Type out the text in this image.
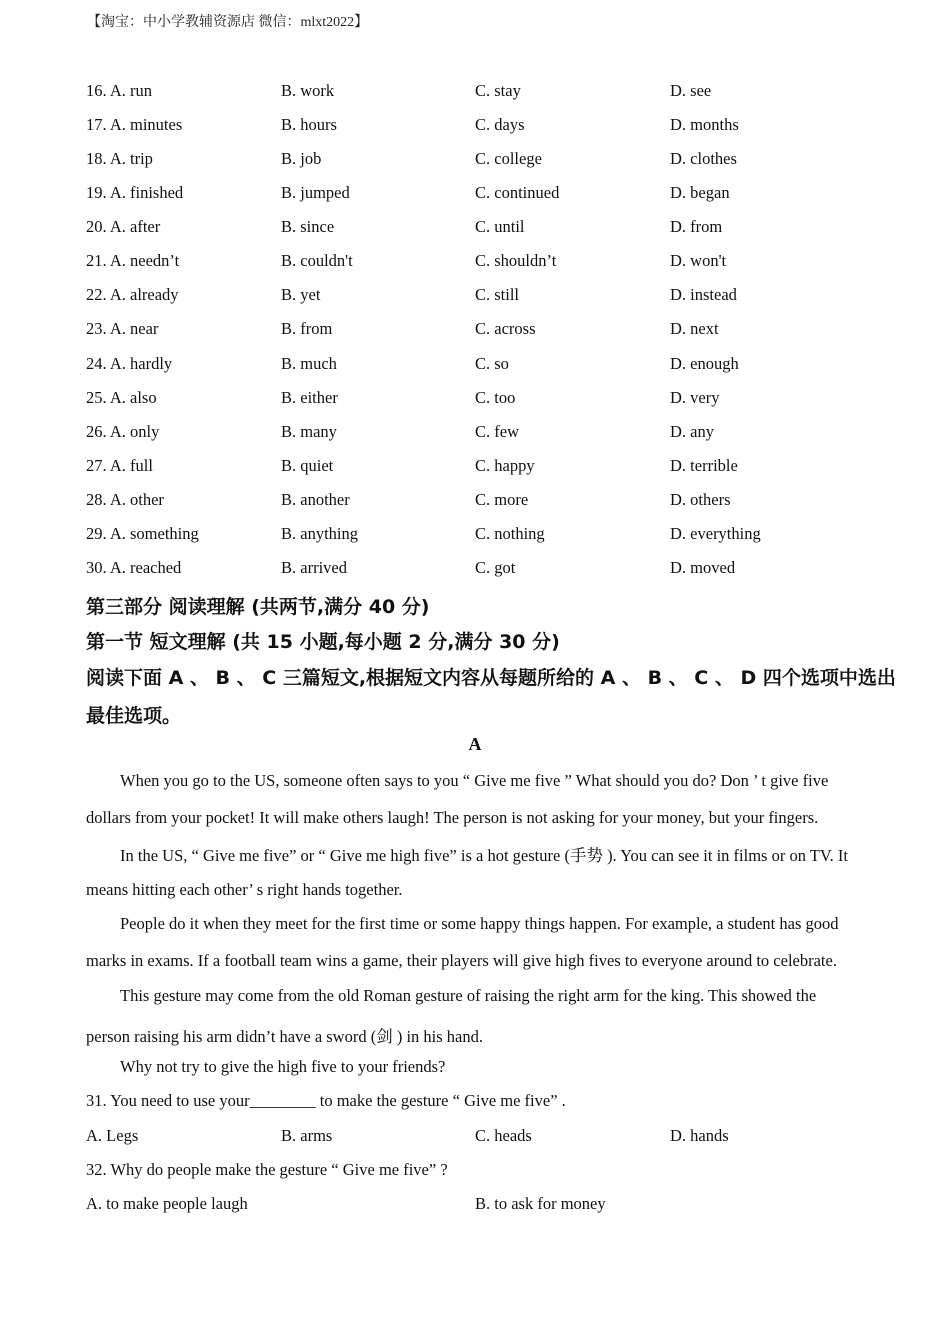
【淘宝：中小学教辅资源店 微信：mlxt2022】
16. A. run	B. work	C. stay	D. see
17. A. minutes	B. hours	C. days	D. months
18. A. trip	B. job	C. college	D. clothes
19. A. finished	B. jumped	C. continued	D. began
20. A. after	B. since	C. until	D. from
21. A. needn’t	B. couldn't	C. shouldn’t	D. won't
22. A. already	B. yet	C. still	D. instead
23. A. near	B. from	C. across	D. next
24. A. hardly	B. much	C. so	D. enough
25. A. also	B. either	C. too	D. very
26. A. only	B. many	C. few	D. any
27. A. full	B. quiet	C. happy	D. terrible
28. A. other	B. another	C. more	D. others
29. A. something	B. anything	C. nothing	D. everything
30. A. reached	B. arrived	C. got	D. moved
第三部分 阅读理解 (共两节,满分 40 分)
第一节 短文理解 (共 15 小题,每小题 2 分,满分 30 分)
阅读下面 A 、 B 、 C 三篇短文,根据短文内容从每题所给的 A 、 B 、 C 、 D 四个选项中选出
最佳选项。
A
When you go to the US, someone often says to you “ Give me five ” What should you do? Don ’ t give five
dollars from your pocket! It will make others laugh! The person is not asking for your money, but your fingers.
In the US, “ Give me five” or “ Give me high five” is a hot gesture (手势 ). You can see it in films or on TV. It
means hitting each other’ s right hands together.
People do it when they meet for the first time or some happy things happen. For example, a student has good
marks in exams. If a football team wins a game, their players will give high fives to everyone around to celebrate.
This gesture may come from the old Roman gesture of raising the right arm for the king. This showed the
person raising his arm didn’t have a sword (剑 ) in his hand.
Why not try to give the high five to your friends?
31. You need to use your________ to make the gesture “ Give me five” .
A. Legs	B. arms	C. heads	D. hands
32. Why do people make the gesture “ Give me five” ?
A. to make people laugh	B. to ask for money
